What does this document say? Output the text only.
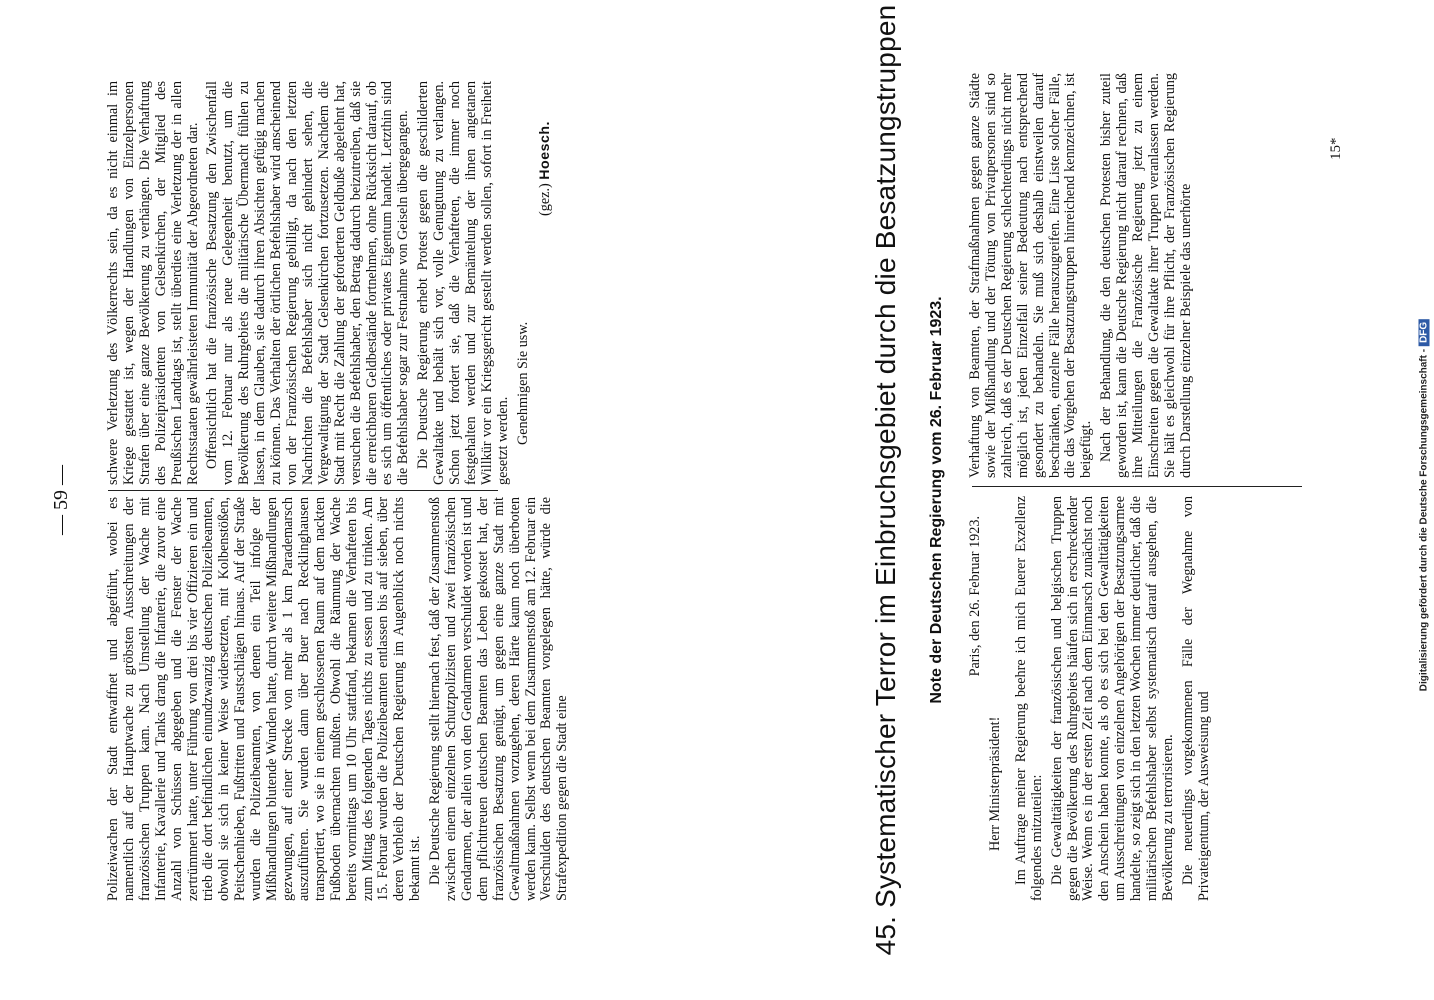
— 59 — Polizeiwachen der Stadt entwaffnet und abgeführt, wobei es namentlich auf der Hauptwache zu gröbsten Ausschreitungen der französischen Truppen kam. Nach Umstellung der Wache mit Infanterie, Kavallerie und Tanks drang die Infanterie, die zuvor eine Anzahl von Schüssen abgegeben und die Fenster der Wache zertrümmert hatte, unter Führung von drei bis vier Offizieren ein und trieb die dort befindlichen einundzwanzig deutschen Polizeibeamten, obwohl sie sich in keiner Weise widersetzten, mit Kolbenstößen, Peitschenhieben, Fußtritten und Faustschlägen hinaus. Auf der Straße wurden die Polizeibeamten, von denen ein Teil infolge der Mißhandlungen blutende Wunden hatte, durch weitere Mißhandlungen gezwungen, auf einer Strecke von mehr als 1 km Parademarsch auszuführen. Sie wurden dann über Buer nach Recklinghausen transportiert, wo sie in einem geschlossenen Raum auf dem nackten Fußboden übernachten mußten. Obwohl die Räumung der Wache bereits vormittags um 10 Uhr stattfand, bekamen die Verhafteten bis zum Mittag des folgenden Tages nichts zu essen und zu trinken. Am 15. Februar wurden die Polizeibeamten entlassen bis auf sieben, über deren Verbleib der Deutschen Regierung im Augenblick noch nichts bekannt ist. Die Deutsche Regierung stellt hiernach fest, daß der Zusammenstoß zwischen einem einzelnen Schutzpolizisten und zwei französischen Gendarmen, der allein von den Gendarmen verschuldet worden ist und dem pflichttreuen deutschen Beamten das Leben gekostet hat, der französischen Besatzung genügt, um gegen eine ganze Stadt mit Gewaltmaßnahmen vorzugehen, deren Härte kaum noch überboten werden kann. Selbst wenn bei dem Zusammenstoß am 12. Februar ein Verschulden des deutschen Beamten vorgelegen hätte, würde die Strafexpedition gegen die Stadt eine

schwere Verletzung des Völkerrechts sein, da es nicht einmal im Kriege gestattet ist, wegen der Handlungen von Einzelpersonen Strafen über eine ganze Bevölkerung zu verhängen. Die Verhaftung des Polizeipräsidenten von Gelsenkirchen, der Mitglied des Preußischen Landtags ist, stellt überdies eine Verletzung der in allen Rechtsstaaten gewährleisteten Immunität der Abgeordneten dar. Offensichtlich hat die französische Besatzung den Zwischenfall vom 12. Februar nur als neue Gelegenheit benutzt, um die Bevölkerung des Ruhrgebiets die militärische Übermacht fühlen zu lassen, in dem Glauben, sie dadurch ihren Absichten gefügig machen zu können. Das Verhalten der örtlichen Befehlshaber wird anscheinend von der Französischen Regierung gebilligt, da nach den letzten Nachrichten die Befehlshaber sich nicht gehindert sehen, die Vergewaltigung der Stadt Gelsenkirchen fortzusetzen. Nachdem die Stadt mit Recht die Zahlung der geforderten Geldbuße abgelehnt hat, versuchen die Befehlshaber, den Betrag dadurch beizutreiben, daß sie die erreichbaren Geldbestände fortnehmen, ohne Rücksicht darauf, ob es sich um öffentliches oder privates Eigentum handelt. Letzthin sind die Befehlshaber sogar zur Festnahme von Geiseln übergegangen. Die Deutsche Regierung erhebt Protest gegen die geschilderten Gewaltakte und behält sich vor, volle Genugtuung zu verlangen. Schon jetzt fordert sie, daß die Verhafteten, die immer noch festgehalten werden und zur Bemäntelung der ihnen angetanen Willkür vor ein Kriegsgericht gestellt werden sollen, sofort in Freiheit gesetzt werden. Genehmigen Sie usw.

(gez.) Hoesch.	45. Systematischer Terror im Einbruchsgebiet durch die Besatzungstruppen Note der Deutschen Regierung vom 26. Februar 1923. Paris, den 26. Februar 1923.

Herr Ministerpräsident! Im Auftrage meiner Regierung beehre ich mich Euerer Exzellenz folgendes mitzuteilen: Die Gewalttätigkeiten der französischen und belgischen Truppen gegen die Bevölkerung des Ruhrgebiets häufen sich in erschreckender Weise. Wenn es in der ersten Zeit nach dem Einmarsch zunächst noch den Anschein haben konnte, als ob es sich bei den Gewalttätigkeiten um Ausschreitungen von einzelnen Angehörigen der Besatzungsarmee handelte, so zeigt sich in den letzten Wochen immer deutlicher, daß die militärischen Befehlshaber selbst systematisch darauf ausgehen, die Bevölkerung zu terrorisieren. Die neuerdings vorgekommenen Fälle der Wegnahme von Privateigentum, der Ausweisung und

Verhaftung von Beamten, der Strafmaßnahmen gegen ganze Städte sowie der Mißhandlung und der Tötung von Privatpersonen sind so zahlreich, daß es der Deutschen Regierung schlechterdings nicht mehr möglich ist, jeden Einzelfall seiner Bedeutung nach entsprechend gesondert zu behandeln. Sie muß sich deshalb einstweilen darauf beschränken, einzelne Fälle herauszugreifen. Eine Liste solcher Fälle, die das Vorgehen der Besatzungstruppen hinreichend kennzeichnen, ist beigefügt. Nach der Behandlung, die den deutschen Protesten bisher zuteil geworden ist, kann die Deutsche Regierung nicht darauf rechnen, daß ihre Mitteilungen die Französische Regierung jetzt zu einem Einschreiten gegen die Gewaltakte ihrer Truppen veranlassen werden. Sie hält es gleichwohl für ihre Pflicht, der Französischen Regierung durch Darstellung einzelner Beispiele das unerhörte

15*
Digitalisierung gefördert durch die Deutsche Forschungsgemeinschaft -DFG
